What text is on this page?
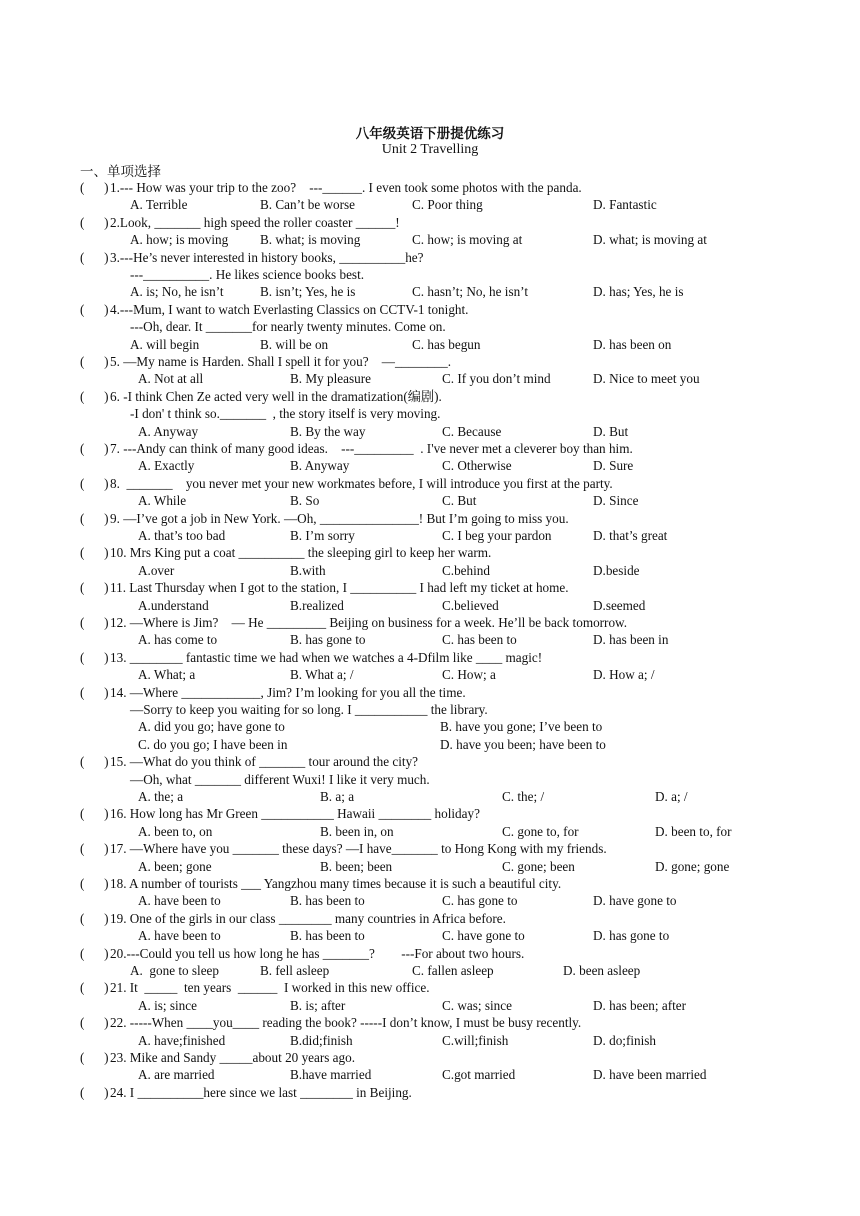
八年级英语下册提优练习
Unit 2 Travelling
一、单项选择
(      ) 1.--- How was your trip to the zoo?    ---______. I even took some photos with the panda.
A. Terrible	B. Can’t be worse	C. Poor thing	D. Fantastic
(      ) 2.Look, _______ high speed the roller coaster ______!
A. how; is moving B. what; is moving	C. how; is moving at	D. what; is moving at
(      ) 3.---He’s never interested in history books, __________he?
---__________. He likes science books best.
A. is; No, he isn’t	B. isn’t; Yes, he is	C. hasn’t; No, he isn’t	D. has; Yes, he is
(      ) 4.---Mum, I want to watch Everlasting Classics on CCTV-1 tonight.
---Oh, dear. It _______for nearly twenty minutes. Come on.
A. will begin	B. will be on	C. has begun	D. has been on
(      ) 5. —My name is Harden. Shall I spell it for you?    —________.
A. Not at all	B. My pleasure	C. If you don’t mind	D. Nice to meet you
(      ) 6. -I think Chen Ze acted very well in the dramatization(编剧).
-I don' t think so._______  , the story itself is very moving.
A. Anyway	B. By the way	C. Because	D. But
(      ) 7. ---Andy can think of many good ideas.    ---_________  . I've never met a cleverer boy than him.
A. Exactly	B. Anyway	C. Otherwise	D. Sure
(      ) 8.  _______    you never met your new workmates before, I will introduce you first at the party.
A. While	B. So	C. But	D. Since
(      ) 9. —I’ve got a job in New York. —Oh, _______________! But I’m going to miss you.
A. that’s too bad	B. I’m sorry	C. I beg your pardon	D. that’s great
(      ) 10. Mrs King put a coat __________ the sleeping girl to keep her warm.
A.over	B.with	C.behind	D.beside
(      ) 11. Last Thursday when I got to the station, I __________ I had left my ticket at home.
A.understand	B.realized	C.believed	D.seemed
(      ) 12. —Where is Jim?    — He _________ Beijing on business for a week. He’ll be back tomorrow.
A. has come to	B. has gone to	C. has been to	D. has been in
(      ) 13. ________ fantastic time we had when we watches a 4-Dfilm like ____ magic!
A. What; a	B. What a; /	C. How; a	D. How a; /
(      ) 14. —Where ____________, Jim? I’m looking for you all the time.
—Sorry to keep you waiting for so long. I ___________ the library.
A. did you go; have gone to	B. have you gone; I’ve been to
C. do you go; I have been in	D. have you been; have been to
(      ) 15. —What do you think of _______ tour around the city?
—Oh, what _______ different Wuxi! I like it very much.
A. the; a	B. a; a	C. the; /	D. a; /
(      ) 16. How long has Mr Green ___________ Hawaii ________ holiday?
A. been to, on	B. been in, on	C. gone to, for	D. been to, for
(      ) 17. —Where have you _______ these days? —I have_______ to Hong Kong with my friends.
A. been; gone	B. been; been	C. gone; been	D. gone; gone
(      ) 18. A number of tourists ___ Yangzhou many times because it is such a beautiful city.
A. have been to	B. has been to	C. has gone to	D. have gone to
(      ) 19. One of the girls in our class ________ many countries in Africa before.
A. have been to	B. has been to	C. have gone to	D. has gone to
(      ) 20.---Could you tell us how long he has _______?        ---For about two hours.
A.  gone to sleep	B. fell asleep	C. fallen asleep	D. been asleep
(      ) 21. It  _____  ten years  ______  I worked in this new office.
A. is; since	B. is; after	C. was; since	D. has been; after
(      ) 22. -----When ____you____ reading the book? -----I don’t know, I must be busy recently.
A. have;finished	B.did;finish	C.will;finish	D. do;finish
(      ) 23. Mike and Sandy _____about 20 years ago.
A. are married	B.have married	C.got married	D. have been married
(      ) 24. I __________here since we last ________ in Beijing.
